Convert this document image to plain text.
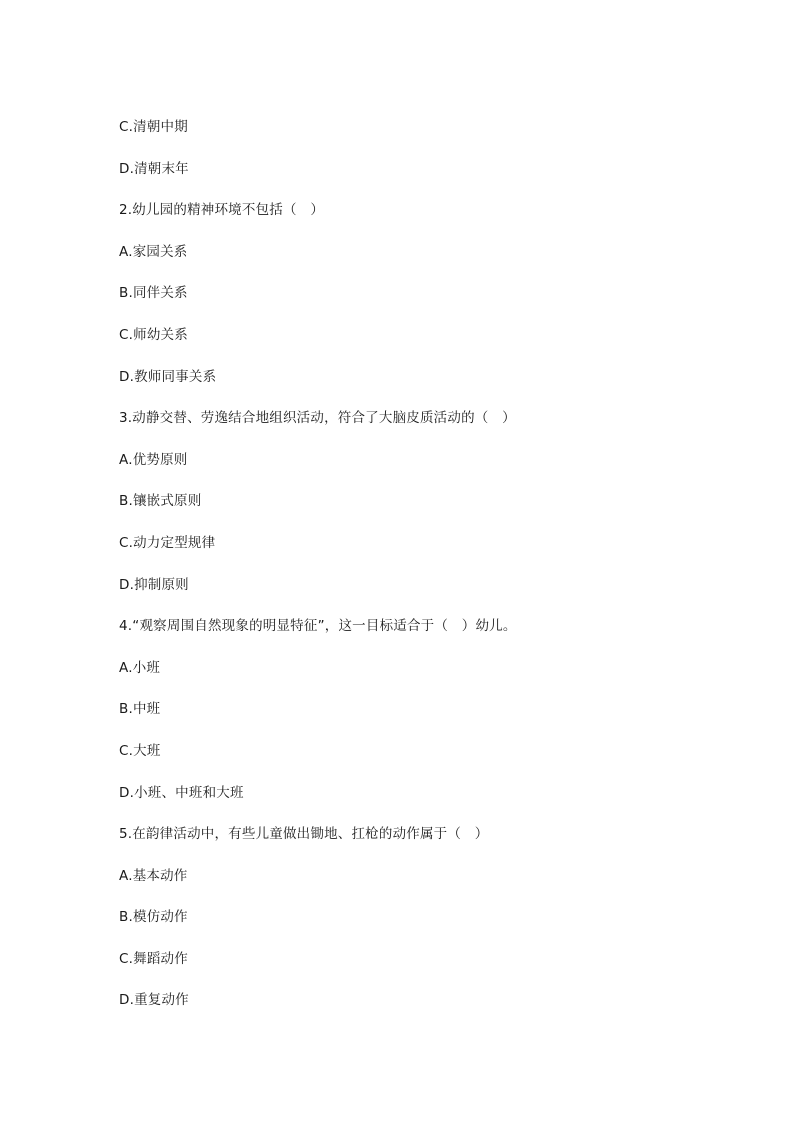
C.清朝中期
D.清朝末年
2.幼儿园的精神环境不包括（　）
A.家园关系
B.同伴关系
C.师幼关系
D.教师同事关系
3.动静交替、劳逸结合地组织活动，符合了大脑皮质活动的（　）
A.优势原则
B.镶嵌式原则
C.动力定型规律
D.抑制原则
4.“观察周围自然现象的明显特征”，这一目标适合于（　）幼儿。
A.小班
B.中班
C.大班
D.小班、中班和大班
5.在韵律活动中，有些儿童做出锄地、扛枪的动作属于（　）
A.基本动作
B.模仿动作
C.舞蹈动作
D.重复动作
